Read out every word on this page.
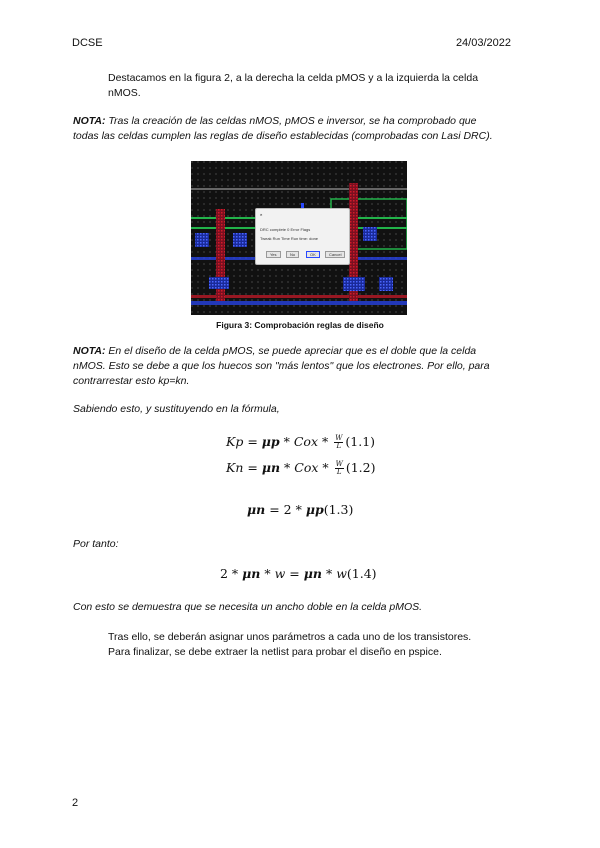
DCSE	24/03/2022
Destacamos en la figura 2, a la derecha la celda pMOS y a la izquierda la celda
nMOS.
NOTA: Tras la creación de las celdas nMOS, pMOS e inversor, se ha comprobado que
todas las celdas cumplen las reglas de diseño establecidas (comprobadas con Lasi DRC).
×
DRC complete 0 Error Flags
Tweak Run Time Run time: done
Yes	No	OK	Cancel
Figura 3: Comprobación reglas de diseño
NOTA: En el diseño de la celda pMOS, se puede apreciar que es el doble que la celda
nMOS. Esto se debe a que los huecos son "más lentos" que los electrones. Por ello, para
contrarrestar esto kp=kn.
Sabiendo esto, y sustituyendo en la fórmula,
Kp = μp * Cox * $\frac{W}{L} (1.1)$
Kn = μn * Cox * $\frac{W}{L} (1.2)$
μn = 2 * μp(1.3)
Por tanto:
2 * μn * w = μn * w(1.4)
Con esto se demuestra que se necesita un ancho doble en la celda pMOS.
Tras ello, se deberán asignar unos parámetros a cada uno de los transistores.
Para finalizar, se debe extraer la netlist para probar el diseño en pspice.
2
